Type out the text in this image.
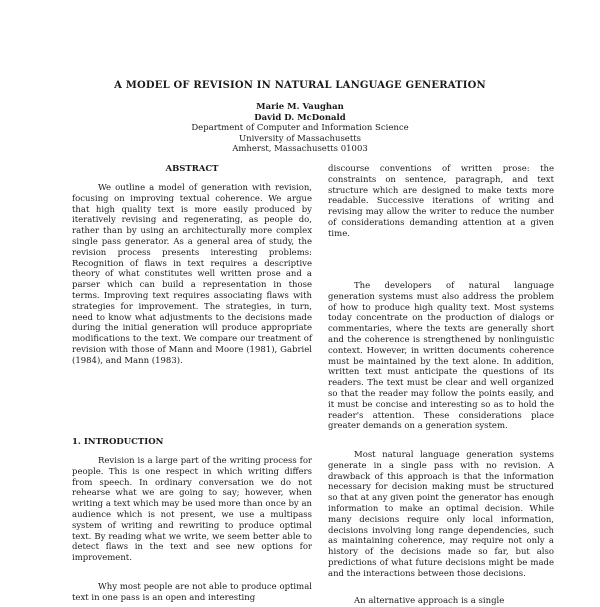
A MODEL OF REVISION IN NATURAL LANGUAGE GENERATION
Marie M. Vaughan
David D. McDonald
Department of Computer and Information Science
University of Massachusetts
Amherst, Massachusetts 01003
ABSTRACT

We outline a model of generation with revision, focusing on improving textual coherence. We argue that high quality text is more easily produced by iteratively revising and regenerating, as people do, rather than by using an architecturally more complex single pass generator. As a general area of study, the revision process presents interesting problems: Recognition of flaws in text requires a descriptive theory of what constitutes well written prose and a parser which can build a representation in those terms. Improving text requires associating flaws with strategies for improvement. The strategies, in turn, need to know what adjustments to the decisions made during the initial generation will produce appropriate modifications to the text. We compare our treatment of revision with those of Mann and Moore (1981), Gabriel (1984), and Mann (1983).

1. INTRODUCTION

Revision is a large part of the writing process for people. This is one respect in which writing differs from speech. In ordinary conversation we do not rehearse what we are going to say; however, when writing a text which may be used more than once by an audience which is not present, we use a multipass system of writing and rewriting to produce optimal text. By reading what we write, we seem better able to detect flaws in the text and see new options for improvement.

Why most people are not able to produce optimal text in one pass is an open and interesting

discourse conventions of written prose: the constraints on sentence, paragraph, and text structure which are designed to make texts more readable. Successive iterations of writing and revising may allow the writer to reduce the number of considerations demanding attention at a given time.

The developers of natural language generation systems must also address the problem of how to produce high quality text. Most systems today concentrate on the production of dialogs or commentaries, where the texts are generally short and the coherence is strengthened by nonlinguistic context. However, in written documents coherence must be maintained by the text alone. In addition, written text must anticipate the questions of its readers. The text must be clear and well organized so that the reader may follow the points easily, and it must be concise and interesting so as to hold the reader's attention. These considerations place greater demands on a generation system.

Most natural language generation systems generate in a single pass with no revision. A drawback of this approach is that the information necessary for decision making must be structured so that at any given point the generator has enough information to make an optimal decision. While many decisions require only local information, decisions involving long range dependencies, such as maintaining coherence, may require not only a history of the decisions made so far, but also predictions of what future decisions might be made and the interactions between those decisions.

An alternative approach is a single
